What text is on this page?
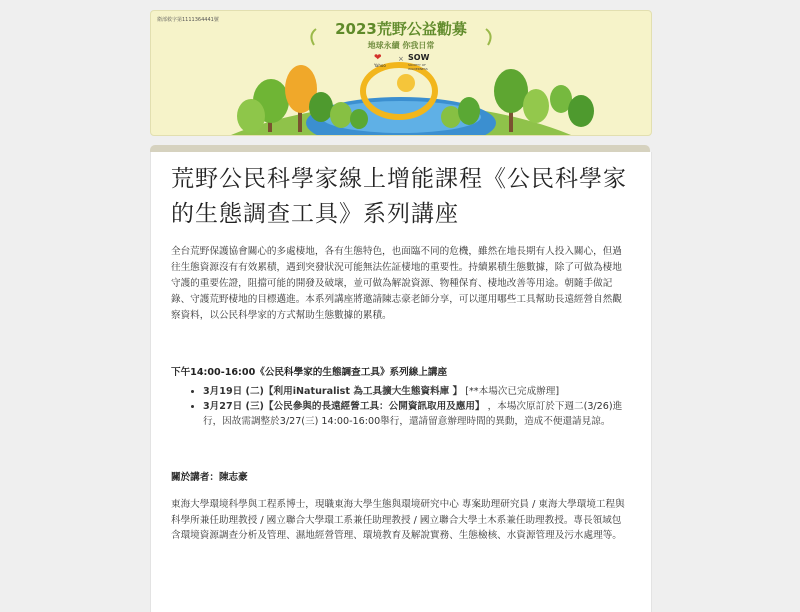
衛部救字第1111364441號	2023荒野公益勸募
地球永續 你我日常
❤
Yahoo
× SOW
SOCIETY OF WILDERNESS
荒野公民科學家線上增能課程《公民科學家的生態調查工具》系列講座

全台荒野保護協會關心的多處棲地，各有生態特色，也面臨不同的危機，雖然在地長期有人投入關心，但過往生態資源沒有有效累積，遇到突發狀況可能無法佐証棲地的重要性。持續累積生態數據，除了可做為棲地守護的重要佐證，阻擋可能的開發及破壞，並可做為解說資源、物種保育、棲地改善等用途。朝隨手做記錄、守護荒野棲地的目標邁進。本系列講座將邀請陳志豪老師分享，可以運用哪些工具幫助長遠經營自然觀察資料，以公民科學家的方式幫助生態數據的累積。

下午14:00-16:00《公民科學家的生態調查工具》系列線上講座
• 3月19日 (二)【利用iNaturalist 為工具擴大生態資料庫 】 [**本場次已完成辦理]
• 3月27日 (三)【公民參與的長遠經營工具：公開資訊取用及應用】 ，本場次原訂於下週二(3/26)進行，因故需調整於3/27(三) 14:00-16:00舉行，還請留意辦理時間的異動，造成不便還請見諒。
關於講者：陳志豪

東海大學環境科學與工程系博士，現職東海大學生態與環境研究中心 專案助理研究員 / 東海大學環境工程與科學所兼任助理教授 / 國立聯合大學環工系兼任助理教授 / 國立聯合大學土木系兼任助理教授。專長領域包含環境資源調查分析及管理、濕地經營管理、環境教育及解說實務、生態檢核、水資源管理及污水處理等。
